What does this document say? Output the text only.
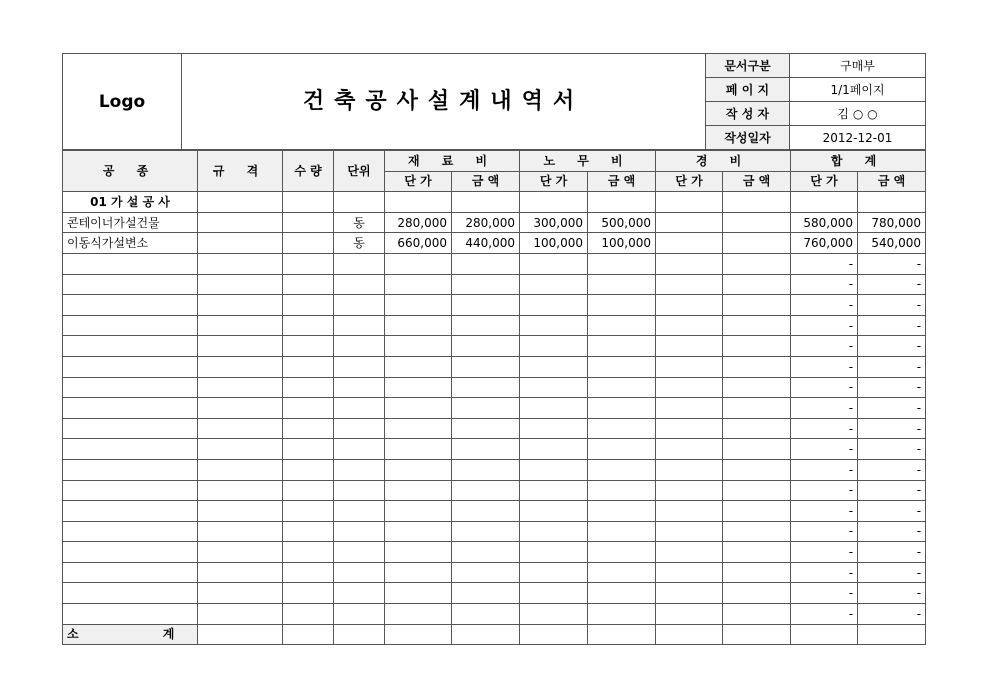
Logo	건축공사설계내역서	문서구분	구매부
		페 이 지	1/1페이지
		작 성 자	김 ○ ○
		작성일자	2012-12-01
공 종	규 격	수 량	단위	재 료 비		노 무 비		경 비		합 계	
				단 가	금 액	단 가	금 액	단 가	금 액	단 가	금 액
01 가 설 공 사											
콘테이너가설건물			동	280,000	280,000	300,000	500,000			580,000	780,000
이동식가설변소			동	660,000	440,000	100,000	100,000			760,000	540,000
										-	-
										-	-
										-	-
										-	-
										-	-
										-	-
										-	-
										-	-
										-	-
										-	-
										-	-
										-	-
										-	-
										-	-
										-	-
										-	-
										-	-
										-	-
소 계											
